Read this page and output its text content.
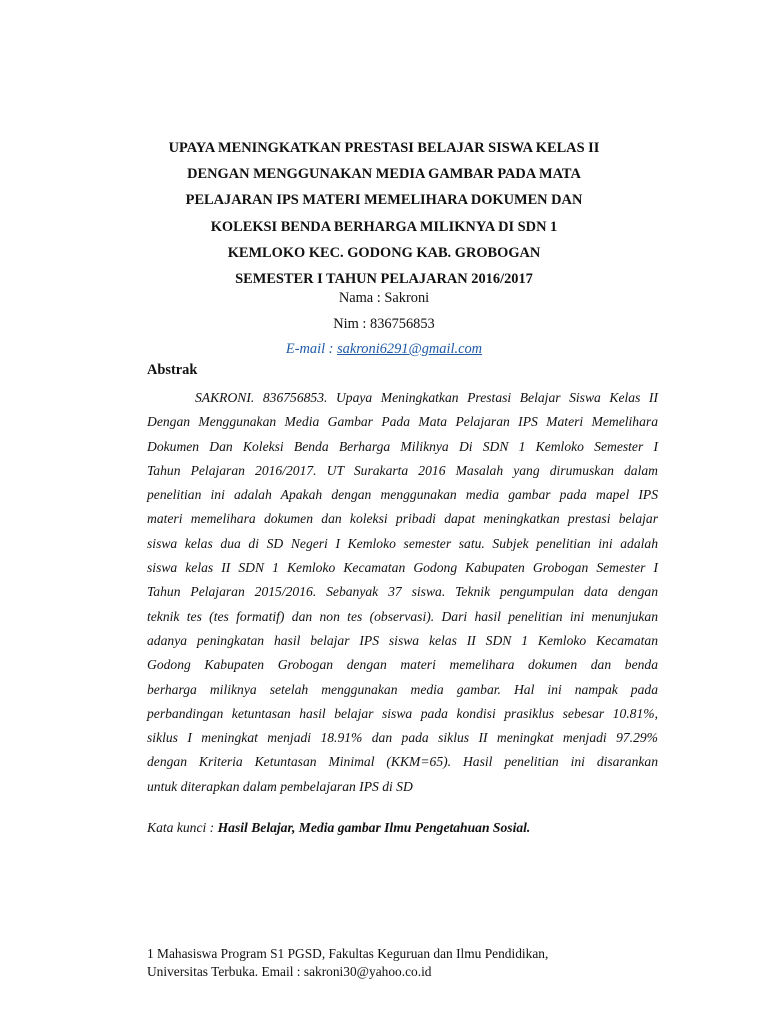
UPAYA MENINGKATKAN PRESTASI BELAJAR SISWA KELAS II
DENGAN MENGGUNAKAN MEDIA GAMBAR PADA MATA
PELAJARAN IPS MATERI MEMELIHARA DOKUMEN DAN
KOLEKSI BENDA BERHARGA MILIKNYA DI SDN 1
KEMLOKO KEC. GODONG KAB. GROBOGAN
SEMESTER I TAHUN PELAJARAN 2016/2017
Nama : Sakroni
Nim : 836756853
E-mail : sakroni6291@gmail.com
Abstrak
SAKRONI. 836756853. Upaya Meningkatkan Prestasi Belajar Siswa Kelas II
Dengan Menggunakan Media Gambar Pada Mata Pelajaran IPS Materi Memelihara
Dokumen Dan Koleksi Benda Berharga Miliknya Di SDN 1 Kemloko Semester I
Tahun Pelajaran 2016/2017. UT Surakarta 2016 Masalah yang dirumuskan dalam
penelitian ini adalah Apakah dengan menggunakan media gambar pada mapel IPS
materi memelihara dokumen dan koleksi pribadi dapat meningkatkan prestasi belajar
siswa kelas dua di SD Negeri I Kemloko semester satu. Subjek penelitian ini adalah
siswa kelas II SDN 1 Kemloko Kecamatan Godong Kabupaten Grobogan Semester I
Tahun Pelajaran 2015/2016. Sebanyak 37 siswa. Teknik pengumpulan data dengan
teknik tes (tes formatif) dan non tes (observasi). Dari hasil penelitian ini menunjukan
adanya peningkatan hasil belajar IPS siswa kelas II SDN 1 Kemloko Kecamatan
Godong Kabupaten Grobogan dengan materi memelihara dokumen dan benda
berharga miliknya setelah menggunakan media gambar. Hal ini nampak pada
perbandingan ketuntasan hasil belajar siswa pada kondisi prasiklus sebesar 10.81%,
siklus I meningkat menjadi 18.91% dan pada siklus II meningkat menjadi 97.29%
dengan Kriteria Ketuntasan Minimal (KKM=65). Hasil penelitian ini disarankan
untuk diterapkan dalam pembelajaran IPS di SD
Kata kunci : Hasil Belajar, Media gambar Ilmu Pengetahuan Sosial.
1 Mahasiswa Program S1 PGSD, Fakultas Keguruan dan Ilmu Pendidikan,
Universitas Terbuka. Email : sakroni30@yahoo.co.id
